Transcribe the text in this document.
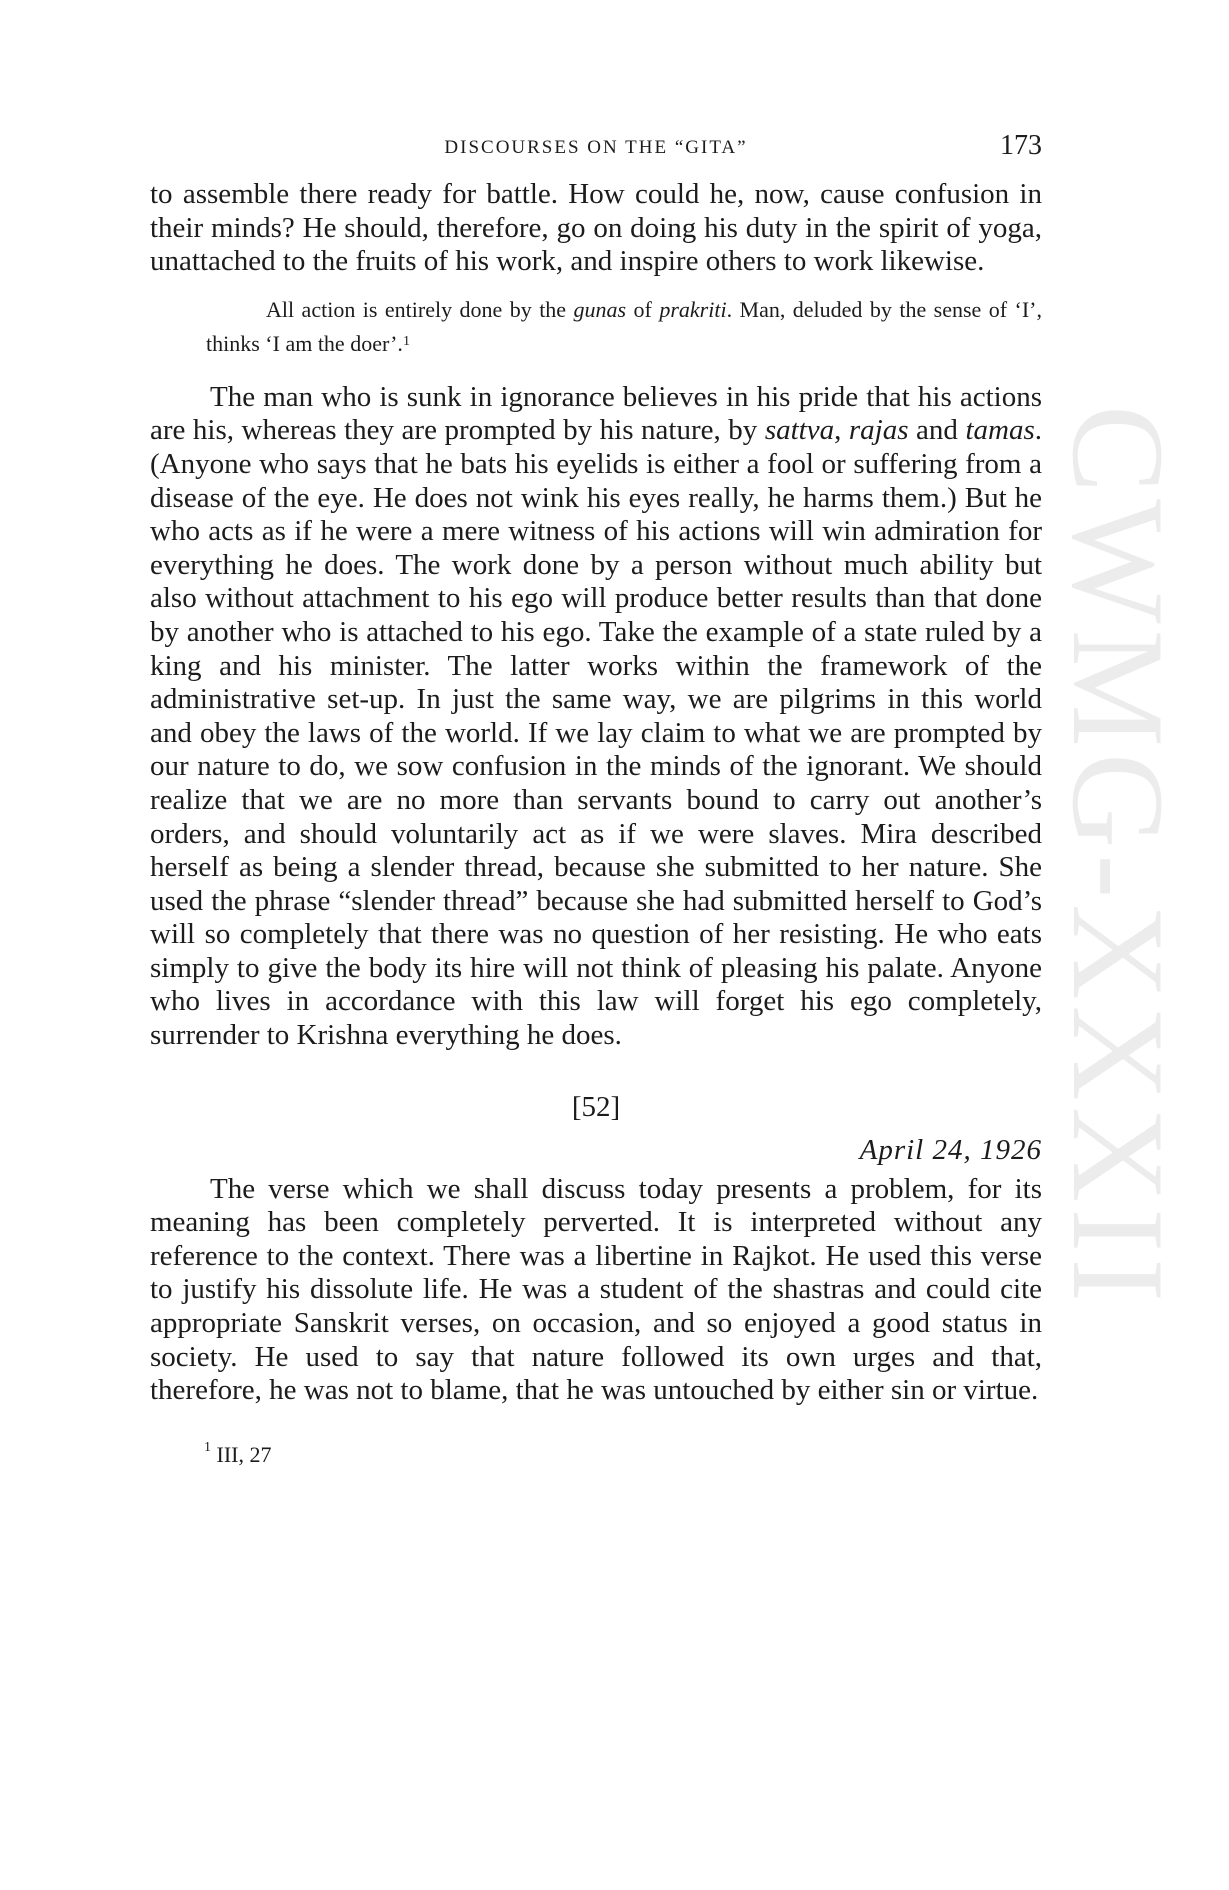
CWMG-XXXII
DISCOURSES ON THE “GITA”	173

to assemble there ready for battle. How could he, now, cause confusion in their minds? He should, therefore, go on doing his duty in the spirit of yoga, unattached to the fruits of his work, and inspire others to work likewise.

All action is entirely done by the gunas of prakriti. Man, deluded by the sense of ‘I’, thinks ‘I am the doer’.$^1$

The man who is sunk in ignorance believes in his pride that his actions are his, whereas they are prompted by his nature, by sattva, rajas and tamas. (Anyone who says that he bats his eyelids is either a fool or suffering from a disease of the eye. He does not wink his eyes really, he harms them.) But he who acts as if he were a mere witness of his actions will win admiration for everything he does. The work done by a person without much ability but also without attachment to his ego will produce better results than that done by another who is attached to his ego. Take the example of a state ruled by a king and his minister. The latter works within the framework of the administrative set-up. In just the same way, we are pilgrims in this world and obey the laws of the world. If we lay claim to what we are prompted by our nature to do, we sow confusion in the minds of the ignorant. We should realize that we are no more than servants bound to carry out another’s orders, and should voluntarily act as if we were slaves. Mira described herself as being a slender thread, because she submitted to her nature. She used the phrase “slender thread” because she had submitted herself to God’s will so completely that there was no question of her resisting. He who eats simply to give the body its hire will not think of pleasing his palate. Anyone who lives in accordance with this law will forget his ego completely, surrender to Krishna everything he does.

[52]
April 24, 1926

The verse which we shall discuss today presents a problem, for its meaning has been completely perverted. It is interpreted without any reference to the context. There was a libertine in Rajkot. He used this verse to justify his dissolute life. He was a student of the shastras and could cite appropriate Sanskrit verses, on occasion, and so enjoyed a good status in society. He used to say that nature followed its own urges and that, therefore, he was not to blame, that he was untouched by either sin or virtue.

$^1$ III, 27
